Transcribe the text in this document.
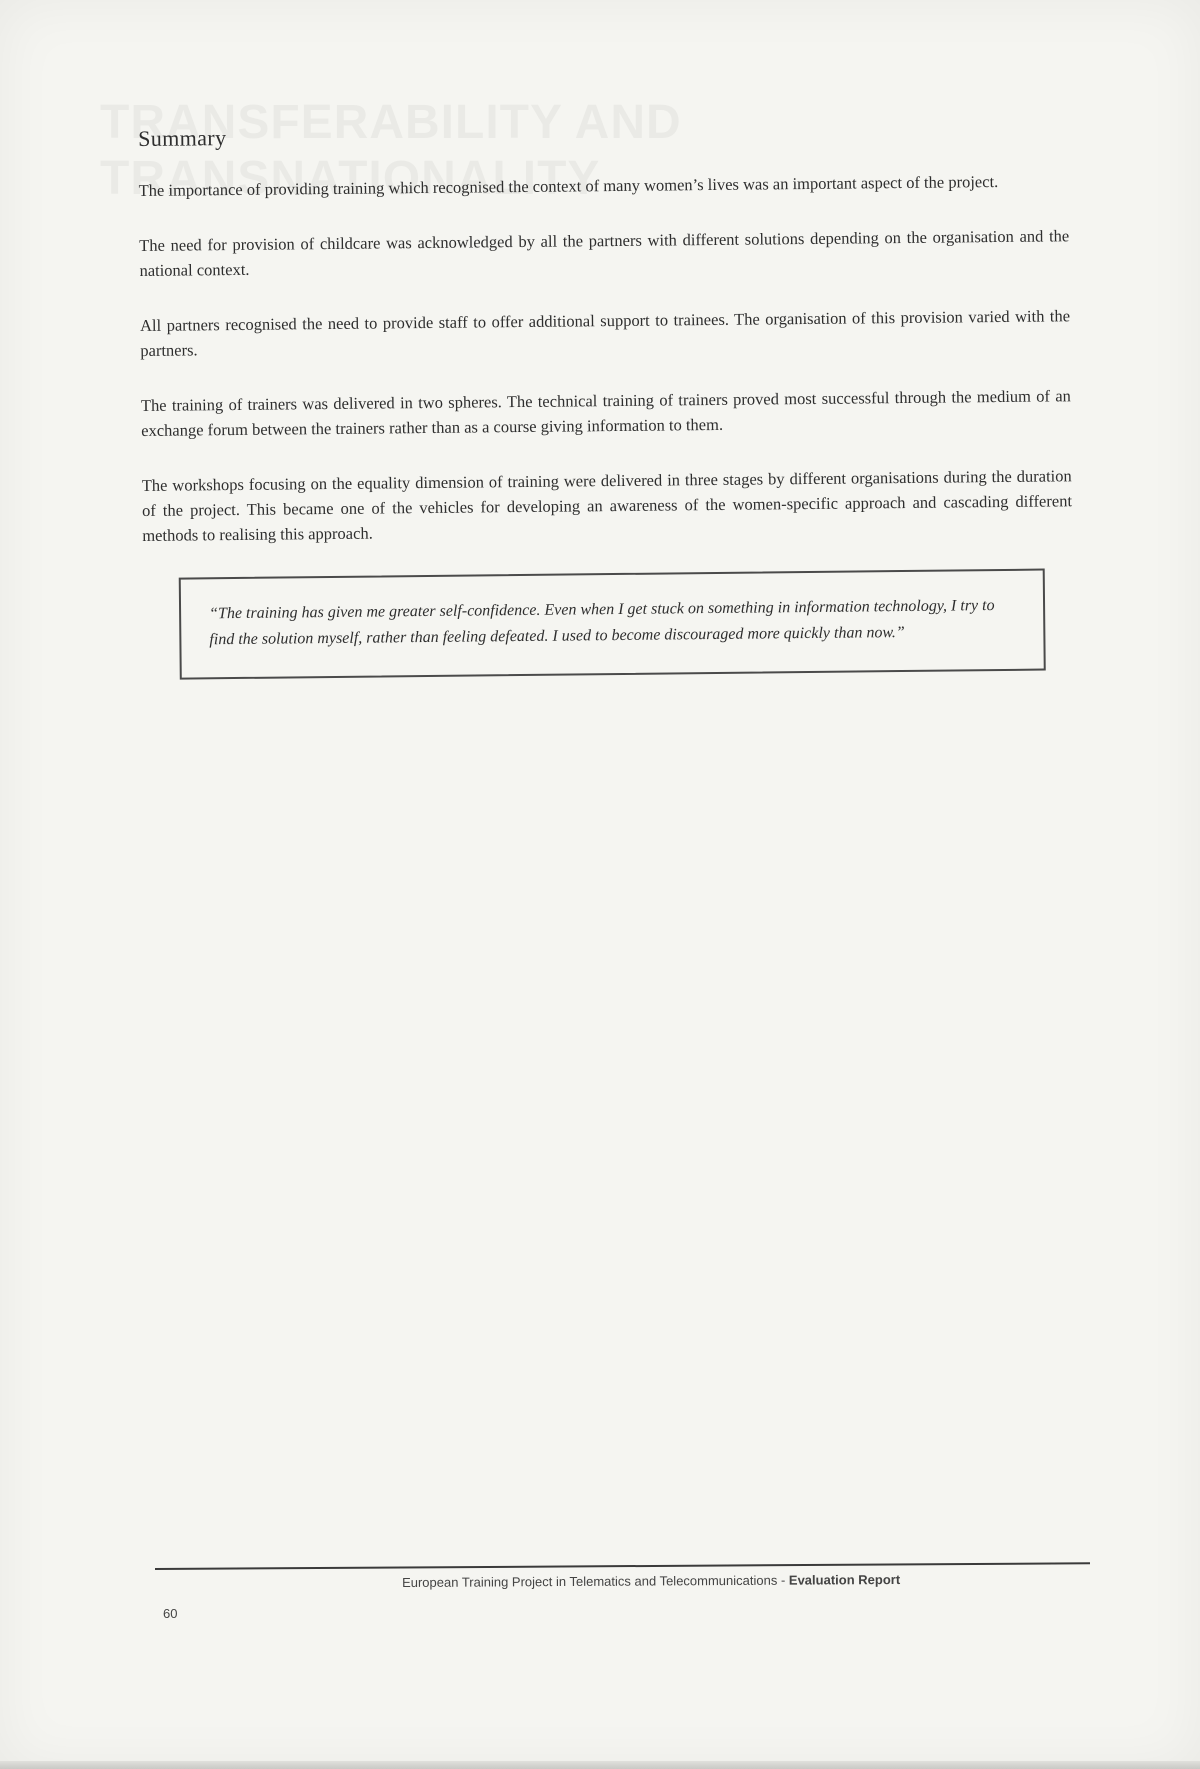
Summary

The importance of providing training which recognised the context of many women’s lives was an important aspect of the project.

The need for provision of childcare was acknowledged by all the partners with different solutions depending on the organisation and the national context.

All partners recognised the need to provide staff to offer additional support to trainees. The organisation of this provision varied with the partners.

The training of trainers was delivered in two spheres. The technical training of trainers proved most successful through the medium of an exchange forum between the trainers rather than as a course giving information to them.

The workshops focusing on the equality dimension of training were delivered in three stages by different organisations during the duration of the project. This became one of the vehicles for developing an awareness of the women-specific approach and cascading different methods to realising this approach.

“The training has given me greater self-confidence. Even when I get stuck on something in information technology, I try to find the solution myself, rather than feeling defeated. I used to become discouraged more quickly than now.”
60
European Training Project in Telematics and Telecommunications - Evaluation Report
